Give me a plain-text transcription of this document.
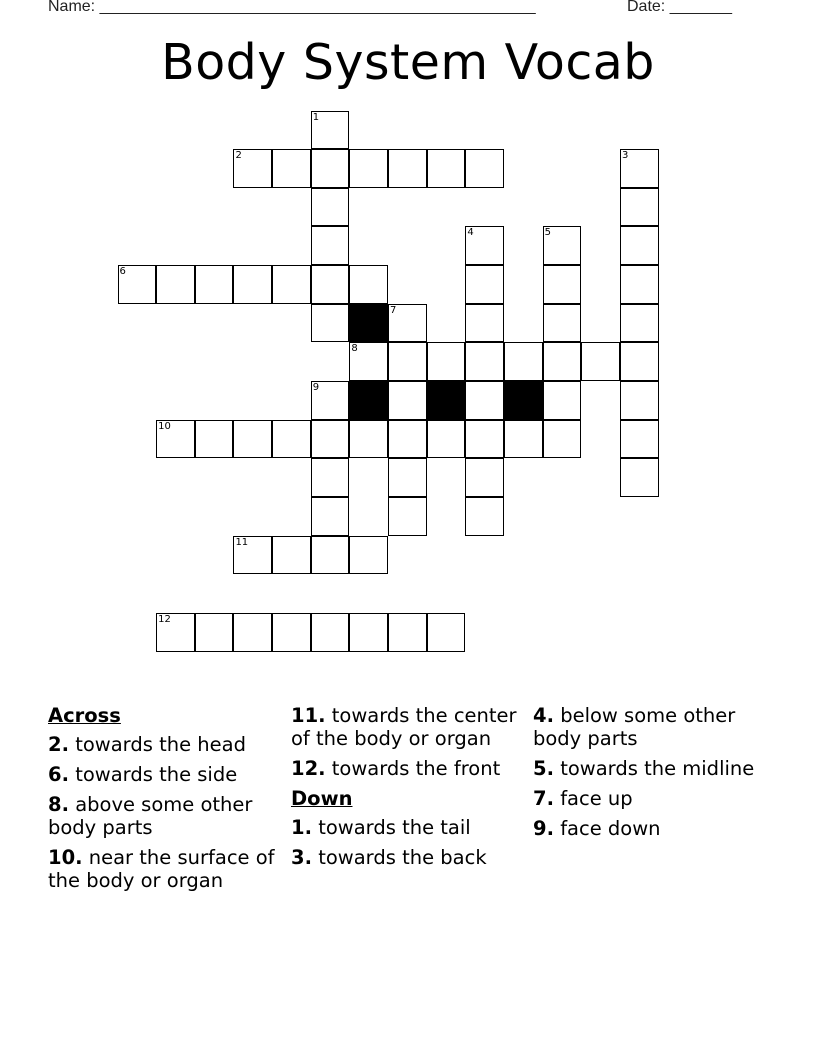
Name: _________________________________________________	Date: _______
Body System Vocab
1
2	3
4	5
6
7
8
9
10
11
12
Across
2. towards the head
6. towards the side
8. above some other body parts
10. near the surface of the body or organ
11. towards the center of the body or organ
12. towards the front
Down
1. towards the tail
3. towards the back
4. below some other body parts
5. towards the midline
7. face up
9. face down
